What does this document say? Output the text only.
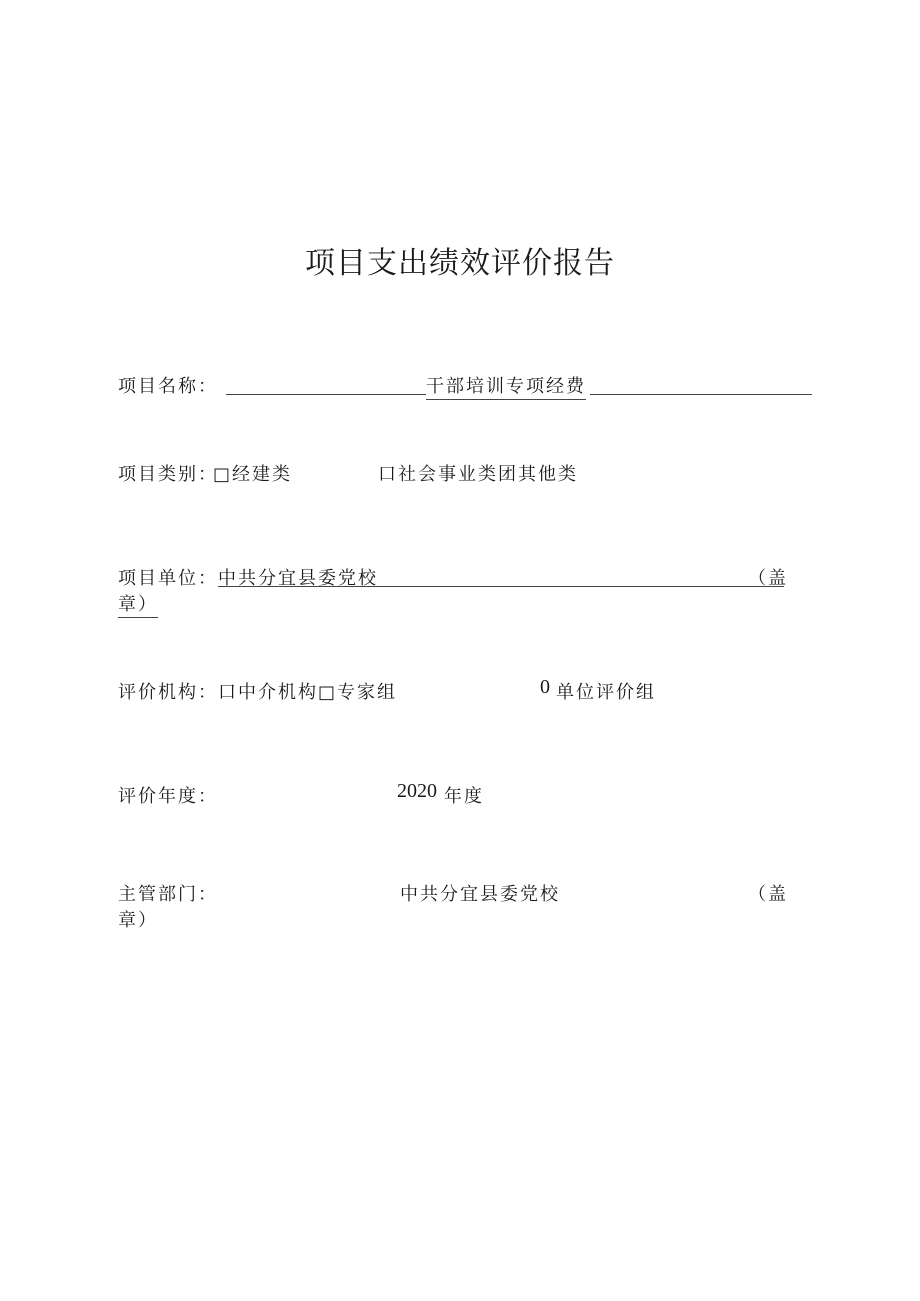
项目支出绩效评价报告
项目名称：	干部培训专项经费
项目类别：
□经建类	口社会事业类团其他类
项目单位： 中共分宜县委党校	（盖
章）
评价机构： 口中介机构□专家组	0 单位评价组
评价年度：	2020 年度
主管部门：	中共分宜县委党校	（盖
章）
